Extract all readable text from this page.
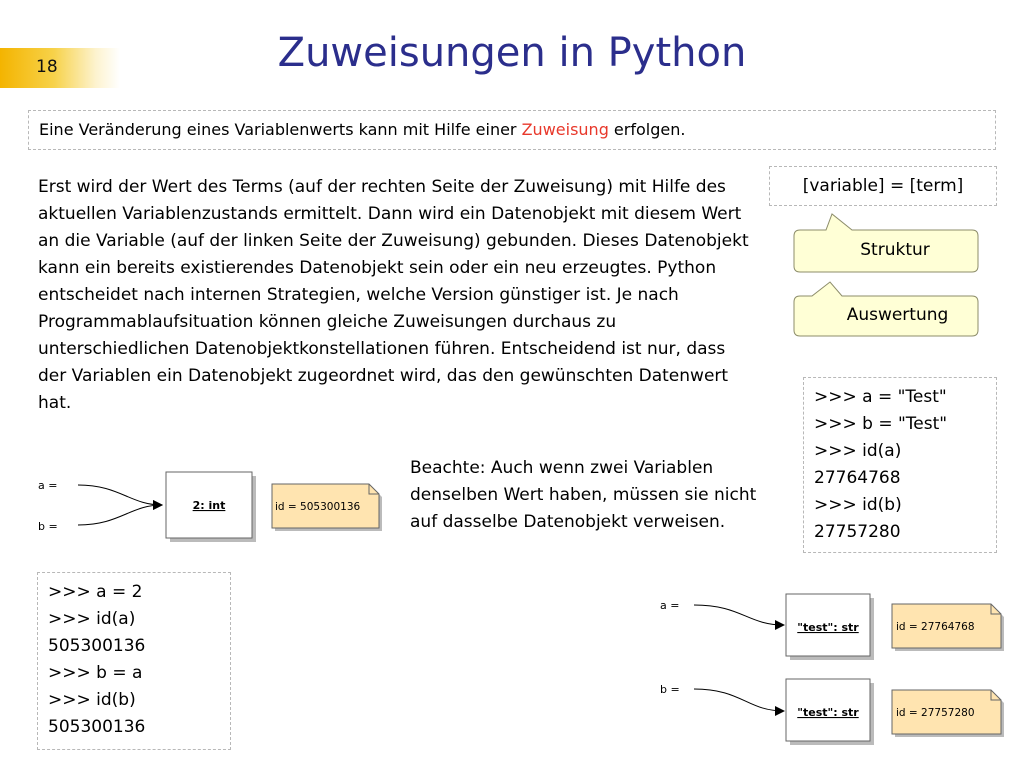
18	Zuweisungen in Python

Eine Veränderung eines Variablenwerts kann mit Hilfe einer Zuweisung erfolgen.

Erst wird der Wert des Terms (auf der rechten Seite der Zuweisung) mit Hilfe des aktuellen Variablenzustands ermittelt. Dann wird ein Datenobjekt mit diesem Wert an die Variable (auf der linken Seite der Zuweisung) gebunden. Dieses Datenobjekt kann ein bereits existierendes Datenobjekt sein oder ein neu erzeugtes. Python entscheidet nach internen Strategien, welche Version günstiger ist. Je nach Programmablaufsituation können gleiche Zuweisungen durchaus zu unterschiedlichen Datenobjektkonstellationen führen. Entscheidend ist nur, dass der Variablen ein Datenobjekt zugeordnet wird, das den gewünschten Datenwert hat.
[variable] = [term]
Struktur
Auswertung
>>> a = "Test"
>>> b = "Test"
>>> id(a)
27764768
>>> id(b)
27757280
Beachte: Auch wenn zwei Variablen denselben Wert haben, müssen sie nicht auf dasselbe Datenobjekt verweisen.
a =
b =
2: int	id = 505300136
>>> a = 2
>>> id(a)
505300136
>>> b = a
>>> id(b)
505300136
a =
"test": str	id = 27764768
b =
"test": str	id = 27757280
